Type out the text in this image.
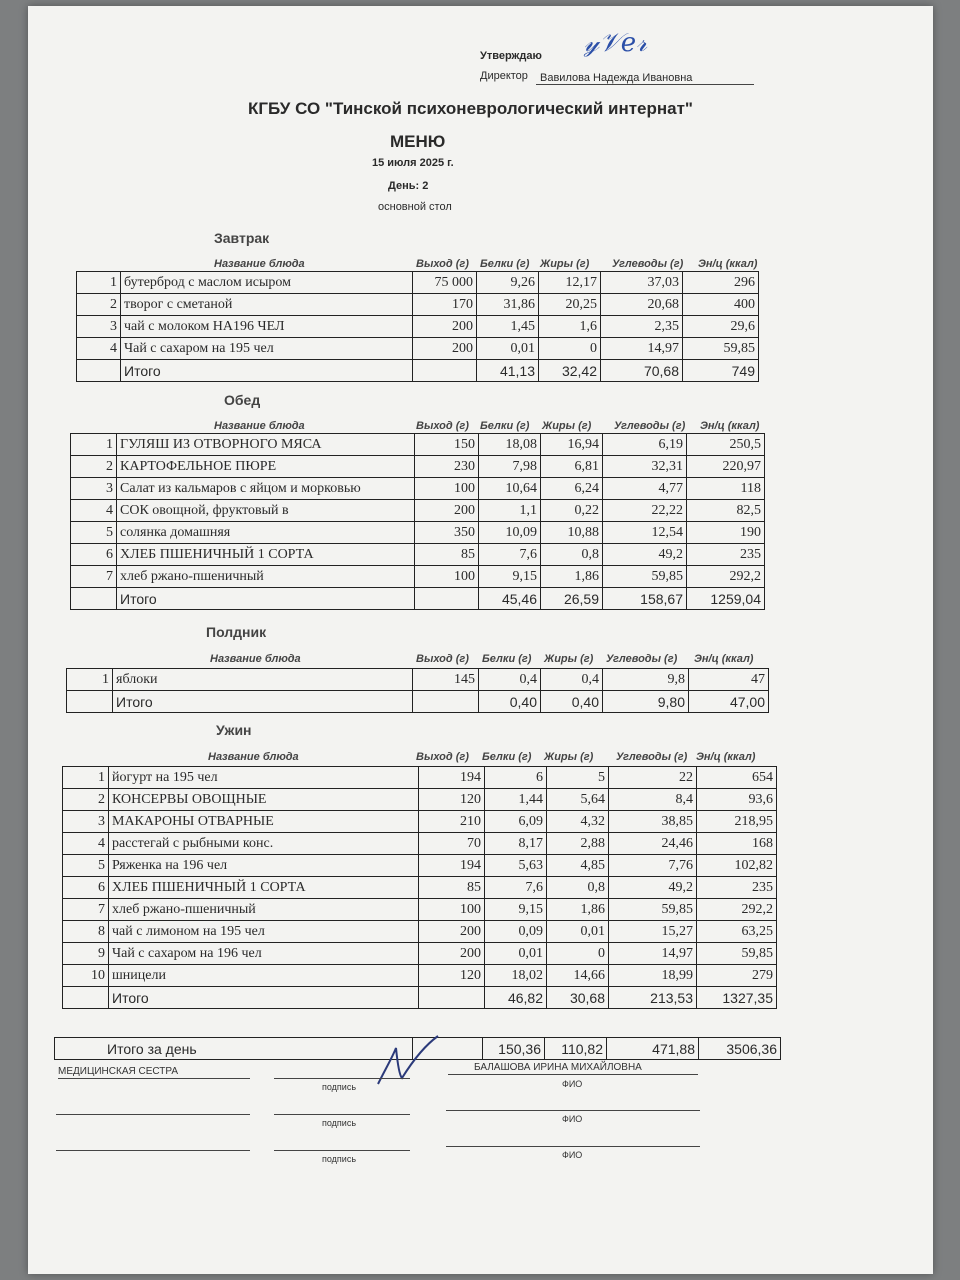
Утверждаю 𝓎𝒱𝑒𝓇
Директор	Вавилова Надежда Ивановна
КГБУ СО "Тинской психоневрологический интернат"
МЕНЮ
15 июля 2025 г.
День: 2
основной стол
Завтрак
Название блюда	Выход (г) Белки (г) Жиры (г) Углеводы (г) Эн/ц (ккал)
1	бутерброд с маслом исыром	75 000	9,26	12,17	37,03	296
2	творог с сметаной	170	31,86	20,25	20,68	400
3	чай с молоком НА196 ЧЕЛ	200	1,45	1,6	2,35	29,6
4	Чай с сахаром на 195 чел	200	0,01	0	14,97	59,85
	Итого		41,13	32,42	70,68	749
Обед
Название блюда	Выход (г) Белки (г) Жиры (г) Углеводы (г) Эн/ц (ккал)
1	ГУЛЯШ ИЗ ОТВОРНОГО МЯСА	150	18,08	16,94	6,19	250,5
2	КАРТОФЕЛЬНОЕ ПЮРЕ	230	7,98	6,81	32,31	220,97
3	Салат из кальмаров с яйцом и морковью	100	10,64	6,24	4,77	118
4	СОК овощной, фруктовый в	200	1,1	0,22	22,22	82,5
5	солянка домашняя	350	10,09	10,88	12,54	190
6	ХЛЕБ ПШЕНИЧНЫЙ 1 СОРТА	85	7,6	0,8	49,2	235
7	хлеб ржано-пшеничный	100	9,15	1,86	59,85	292,2
	Итого		45,46	26,59	158,67	1259,04
Полдник
Название блюда	Выход (г) Белки (г) Жиры (г) Углеводы (г) Эн/ц (ккал)
1	яблоки	145	0,4	0,4	9,8	47
	Итого		0,40	0,40	9,80	47,00
Ужин
Название блюда	Выход (г) Белки (г) Жиры (г) Углеводы (г) Эн/ц (ккал)
1	йогурт на 195 чел	194	6	5	22	654
2	КОНСЕРВЫ ОВОЩНЫЕ	120	1,44	5,64	8,4	93,6
3	МАКАРОНЫ ОТВАРНЫЕ	210	6,09	4,32	38,85	218,95
4	расстегай с рыбными конс.	70	8,17	2,88	24,46	168
5	Ряженка на 196 чел	194	5,63	4,85	7,76	102,82
6	ХЛЕБ ПШЕНИЧНЫЙ 1 СОРТА	85	7,6	0,8	49,2	235
7	хлеб ржано-пшеничный	100	9,15	1,86	59,85	292,2
8	чай с лимоном на 195 чел	200	0,09	0,01	15,27	63,25
9	Чай с сахаром на 196 чел	200	0,01	0	14,97	59,85
10	шницели	120	18,02	14,66	18,99	279
	Итого		46,82	30,68	213,53	1327,35
Итого за день		150,36	110,82	471,88	3506,36
МЕДИЦИНСКАЯ СЕСТРА
подпись
БАЛАШОВА ИРИНА МИХАЙЛОВНА
ФИО
подпись	ФИО
подпись	ФИО
